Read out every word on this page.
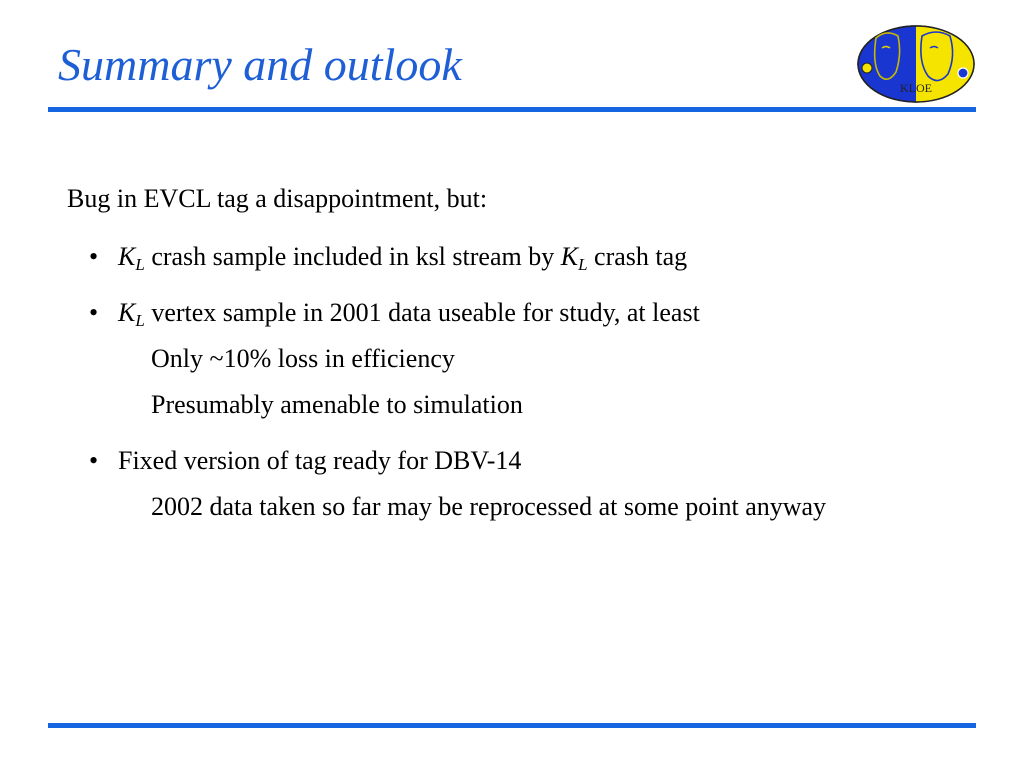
Summary and outlook	KLOE
Bug in EVCL tag a disappointment, but:
• $K_L$ crash sample included in ksl stream by $K_L$ crash tag
• $K_L$ vertex sample in 2001 data useable for study, at least
Only ~10% loss in efficiency
Presumably amenable to simulation
• Fixed version of tag ready for DBV-14
2002 data taken so far may be reprocessed at some point anyway
